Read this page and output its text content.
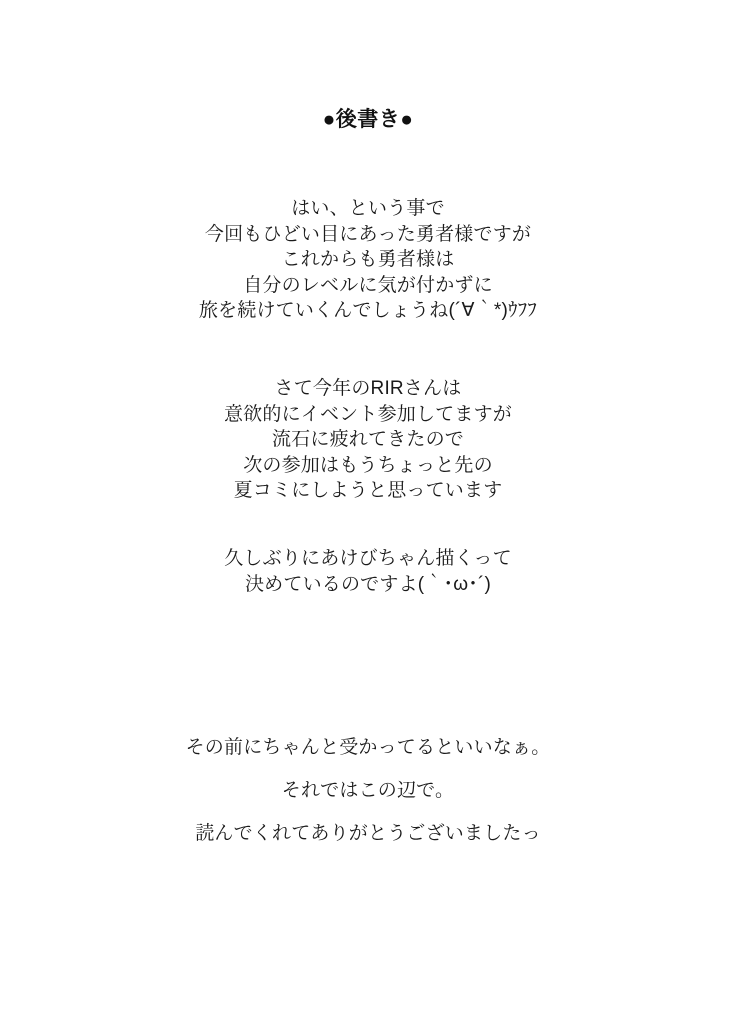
●後書き●
はい、という事で
今回もひどい目にあった勇者様ですが
これからも勇者様は
自分のレベルに気が付かずに
旅を続けていくんでしょうね(´∀｀*)ｳﾌﾌ
さて今年のRIRさんは
意欲的にイベント参加してますが
流石に疲れてきたので
次の参加はもうちょっと先の
夏コミにしようと思っています
久しぶりにあけびちゃん描くって
決めているのですよ(｀･ω･´)
その前にちゃんと受かってるといいなぁ。
それではこの辺で。
読んでくれてありがとうございましたっ
